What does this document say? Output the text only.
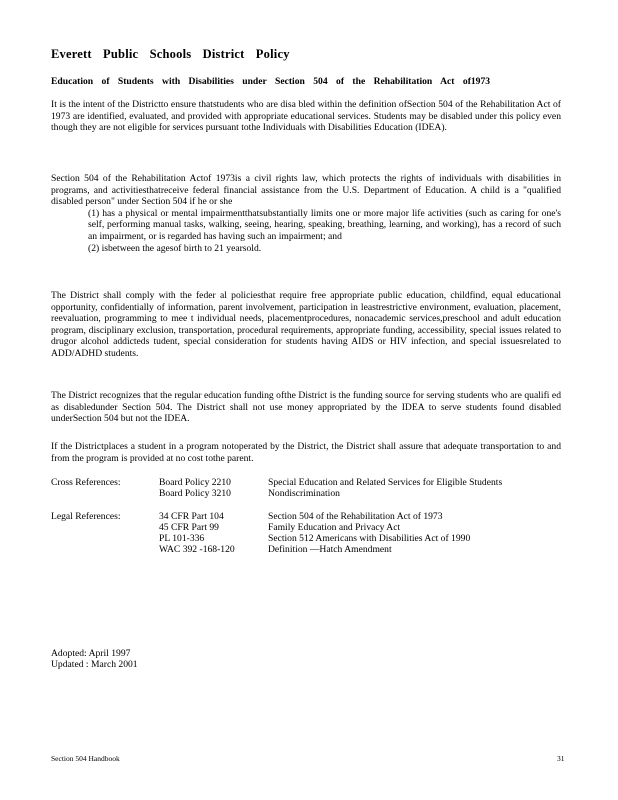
Everett Public Schools District Policy
Education of Students with Disabilities under Section 504 of the Rehabilitation Act of1973
It is the intent of the Districtto ensure thatstudents who are disa bled within the definition ofSection 504 of the Rehabilitation Act of 1973 are identified, evaluated, and provided with appropriate educational services. Students may be disabled under this policy even though they are not eligible for services pursuant tothe Individuals with Disabilities Education (IDEA).
Section 504 of the Rehabilitation Actof 1973is a civil rights law, which protects the rights of individuals with disabilities in programs, and activitiesthatreceive federal financial assistance from the U.S. Department of Education. A child is a "qualified disabled person" under Section 504 if he or she
(1) has a physical or mental impairmentthatsubstantially limits one or more major life activities (such as caring for one's self, performing manual tasks, walking, seeing, hearing, speaking, breathing, learning, and working), has a record of such an impairment, or is regarded has having such an impairment; and
(2) isbetween the agesof birth to 21 yearsold.
The District shall comply with the feder al policiesthat require free appropriate public education, childfind, equal educational opportunity, confidentially of information, parent involvement, participation in leastrestrictive environment, evaluation, placement, reevaluation, programming to mee t individual needs, placementprocedures, nonacademic services,preschool and adult education program, disciplinary exclusion, transportation, procedural requirements, appropriate funding, accessibility, special issues related to drugor alcohol addicteds tudent, special consideration for students having AIDS or HIV infection, and special issuesrelated to ADD/ADHD students.
The District recognizes that the regular education funding ofthe District is the funding source for serving students who are qualifi ed as disabledunder Section 504. The District shall not use money appropriated by the IDEA to serve students found disabled underSection 504 but not the IDEA.
If the Districtplaces a student in a program notoperated by the District, the District shall assure that adequate transportation to and from the program is provided at no cost tothe parent.
Cross References:	Board Policy 2210	Special Education and Related Services for Eligible Students
Board Policy 3210	Nondiscrimination
Legal References:	34 CFR Part 104	Section 504 of the Rehabilitation Act of 1973
45 CFR Part 99	Family Education and Privacy Act
PL 101-336	Section 512 Americans with Disabilities Act of 1990
WAC 392 -168-120	Definition —Hatch Amendment
Adopted: April 1997
Updated : March 2001
Section 504 Handbook	31
